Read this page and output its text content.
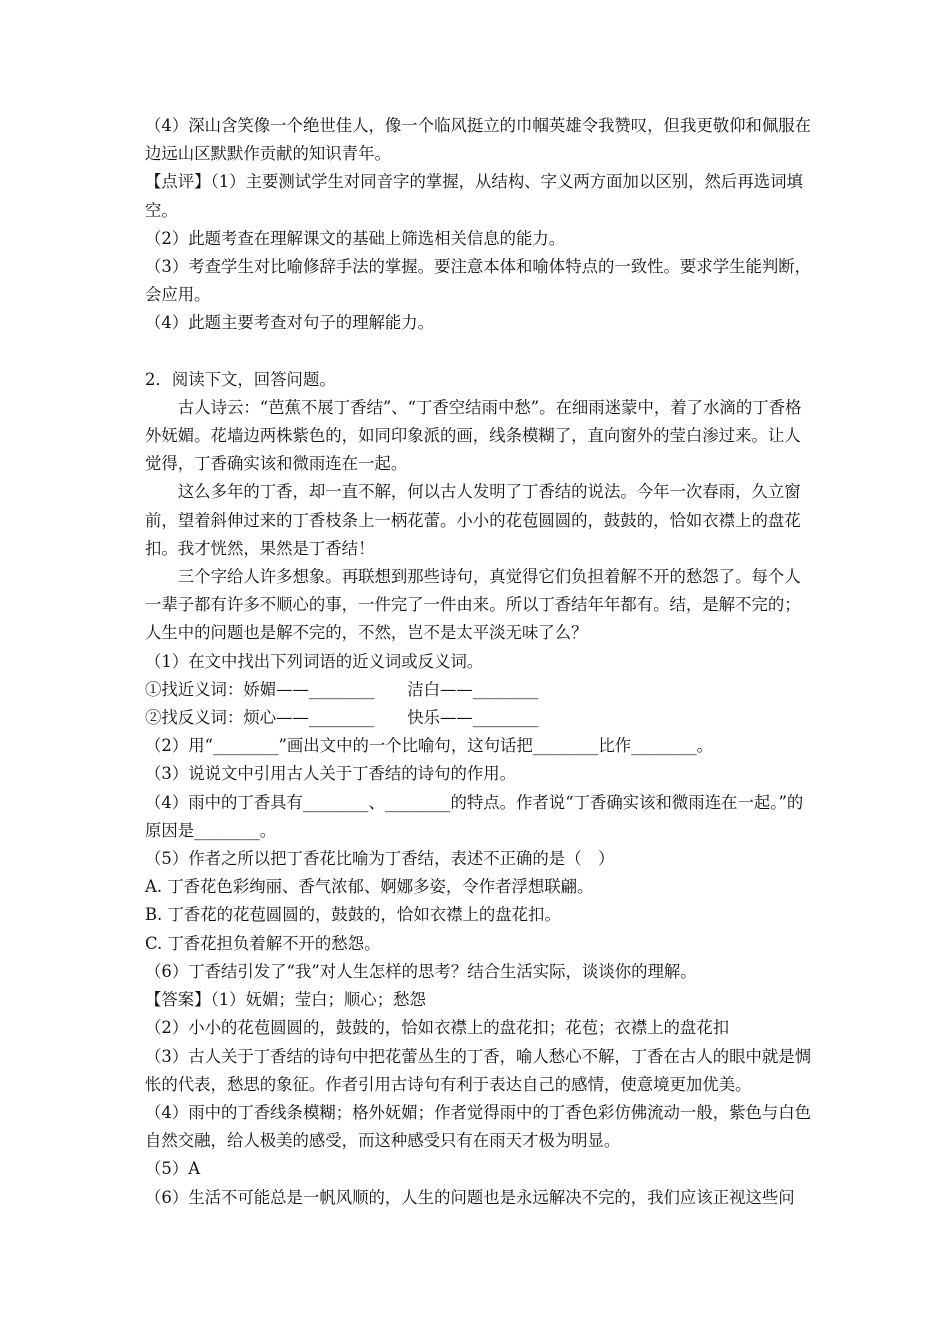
（4）深山含笑像一个绝世佳人，像一个临风挺立的巾帼英雄令我赞叹，但我更敬仰和佩服在边远山区默默作贡献的知识青年。

【点评】（1）主要测试学生对同音字的掌握，从结构、字义两方面加以区别，然后再选词填空。

（2）此题考查在理解课文的基础上筛选相关信息的能力。

（3）考查学生对比喻修辞手法的掌握。要注意本体和喻体特点的一致性。要求学生能判断，会应用。

（4）此题主要考查对句子的理解能力。

2．阅读下文，回答问题。

古人诗云：“芭蕉不展丁香结”、“丁香空结雨中愁”。在细雨迷蒙中，着了水滴的丁香格外妩媚。花墙边两株紫色的，如同印象派的画，线条模糊了，直向窗外的莹白渗过来。让人觉得，丁香确实该和微雨连在一起。

这么多年的丁香，却一直不解，何以古人发明了丁香结的说法。今年一次春雨，久立窗前，望着斜伸过来的丁香枝条上一柄花蕾。小小的花苞圆圆的，鼓鼓的，恰如衣襟上的盘花扣。我才恍然，果然是丁香结！

三个字给人许多想象。再联想到那些诗句，真觉得它们负担着解不开的愁怨了。每个人一辈子都有许多不顺心的事，一件完了一件由来。所以丁香结年年都有。结，是解不完的；人生中的问题也是解不完的，不然，岂不是太平淡无味了么？

（1）在文中找出下列词语的近义词或反义词。

①找近义词：娇媚——________　　洁白——________

②找反义词：烦心——________　　快乐——________

（2）用“________”画出文中的一个比喻句，这句话把________比作________。

（3）说说文中引用古人关于丁香结的诗句的作用。

（4）雨中的丁香具有________、________的特点。作者说“丁香确实该和微雨连在一起。”的原因是________。

（5）作者之所以把丁香花比喻为丁香结，表述不正确的是（　）

A. 丁香花色彩绚丽、香气浓郁、婀娜多姿，令作者浮想联翩。

B. 丁香花的花苞圆圆的，鼓鼓的，恰如衣襟上的盘花扣。

C. 丁香花担负着解不开的愁怨。

（6）丁香结引发了“我”对人生怎样的思考？结合生活实际，谈谈你的理解。

【答案】（1）妩媚；莹白；顺心；愁怨

（2）小小的花苞圆圆的，鼓鼓的，恰如衣襟上的盘花扣；花苞；衣襟上的盘花扣

（3）古人关于丁香结的诗句中把花蕾丛生的丁香，喻人愁心不解，丁香在古人的眼中就是惆怅的代表，愁思的象征。作者引用古诗句有利于表达自己的感情，使意境更加优美。

（4）雨中的丁香线条模糊；格外妩媚；作者觉得雨中的丁香色彩仿佛流动一般，紫色与白色自然交融，给人极美的感受，而这种感受只有在雨天才极为明显。

（5）A

（6）生活不可能总是一帆风顺的，人生的问题也是永远解决不完的，我们应该正视这些问
